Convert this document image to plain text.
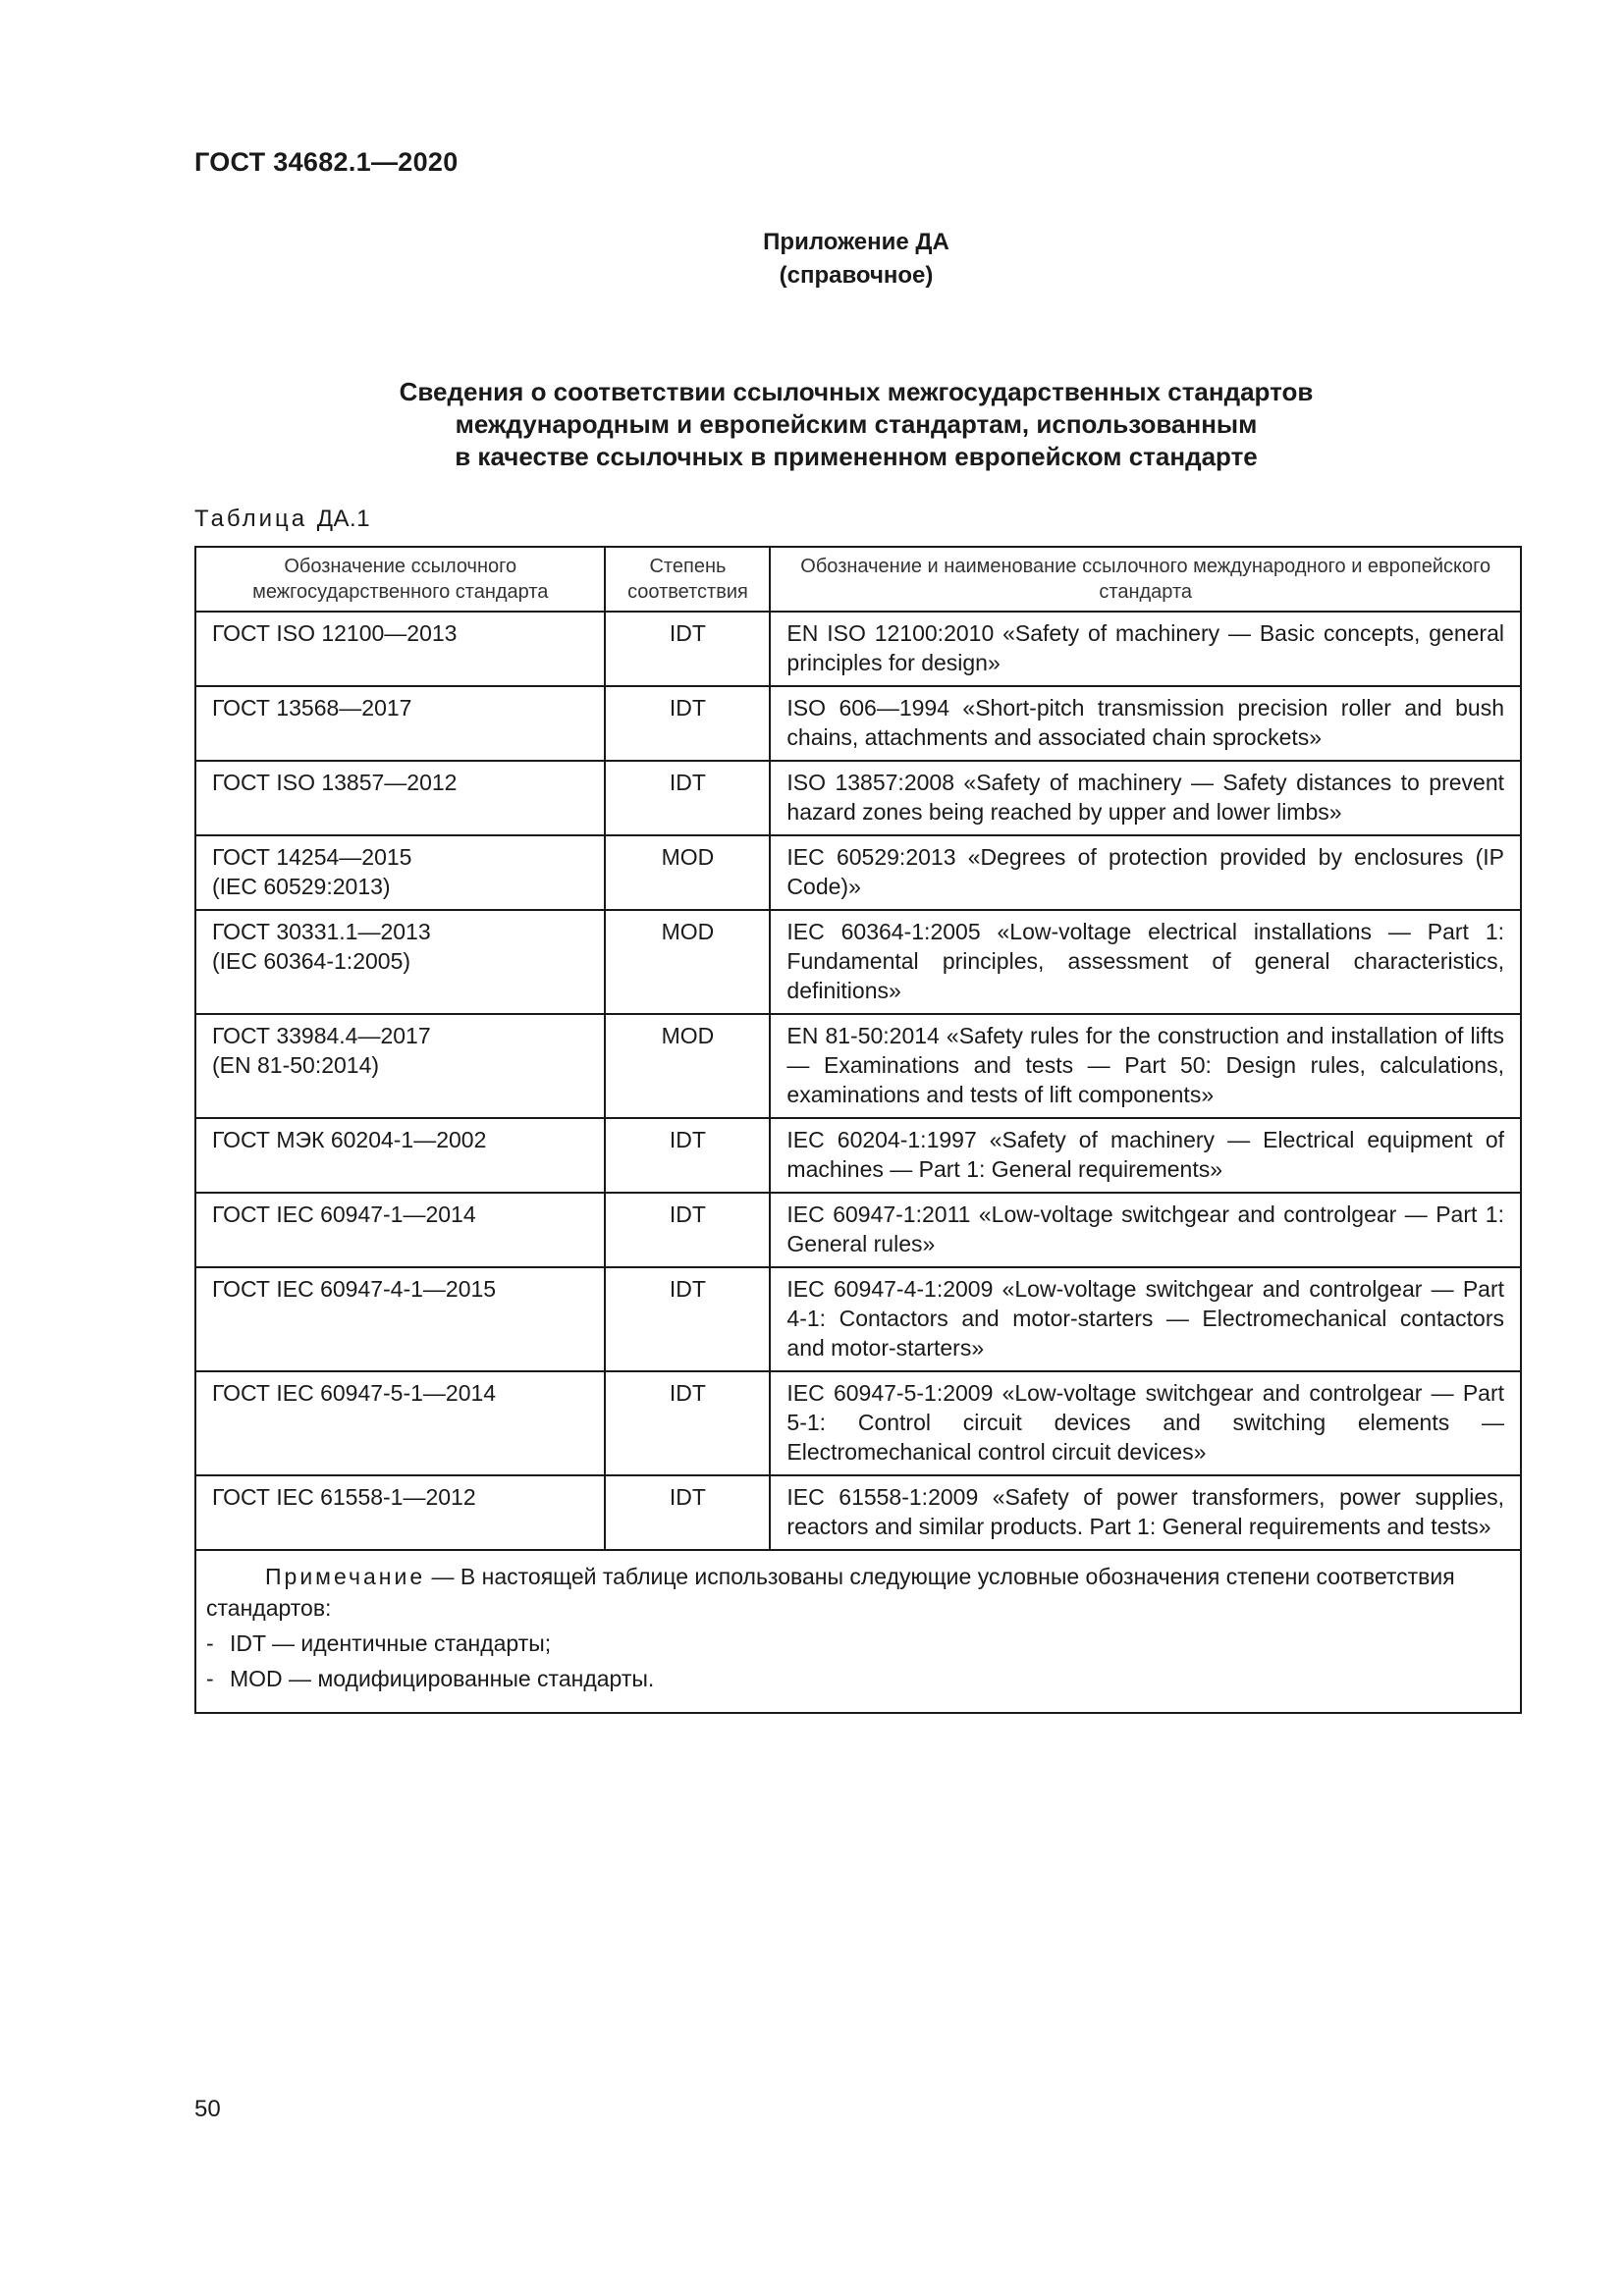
ГОСТ 34682.1—2020
Приложение ДА
(справочное)
Сведения о соответствии ссылочных межгосударственных стандартов
международным и европейским стандартам, использованным
в качестве ссылочных в примененном европейском стандарте
Таблица ДА.1
Обозначение ссылочного межгосударственного стандарта	Степень соответствия	Обозначение и наименование ссылочного международного и европейского стандарта
ГОСТ ISO 12100—2013	IDT	EN ISO 12100:2010 «Safety of machinery — Basic concepts, general principles for design»
ГОСТ 13568—2017	IDT	ISO 606—1994 «Short-pitch transmission precision roller and bush chains, attachments and associated chain sprockets»
ГОСТ ISO 13857—2012	IDT	ISO 13857:2008 «Safety of machinery — Safety distances to prevent hazard zones being reached by upper and lower limbs»

ГОСТ 14254—2015
(IEC 60529:2013)	MOD	IEC 60529:2013 «Degrees of protection provided by enclosures (IP Code)»

ГОСТ 30331.1—2013
(IEC 60364-1:2005)	MOD	IEC 60364-1:2005 «Low-voltage electrical installations — Part 1: Fundamental principles, assessment of general characteristics, definitions»

ГОСТ 33984.4—2017
(EN 81-50:2014)	MOD	EN 81-50:2014 «Safety rules for the construction and installation of lifts — Examinations and tests — Part 50: Design rules, calculations, examinations and tests of lift components»
ГОСТ МЭК 60204-1—2002	IDT	IEC 60204-1:1997 «Safety of machinery — Electrical equipment of machines — Part 1: General requirements»
ГОСТ IEC 60947-1—2014	IDT	IEC 60947-1:2011 «Low-voltage switchgear and controlgear — Part 1: General rules»
ГОСТ IEC 60947-4-1—2015	IDT	IEC 60947-4-1:2009 «Low-voltage switchgear and controlgear — Part 4-1: Contactors and motor-starters — Electromechanical contactors and motor-starters»
ГОСТ IEC 60947-5-1—2014	IDT	IEC 60947-5-1:2009 «Low-voltage switchgear and controlgear — Part 5-1: Control circuit devices and switching elements — Electromechanical control circuit devices»
ГОСТ IEC 61558-1—2012	IDT	IEC 61558-1:2009 «Safety of power transformers, power supplies, reactors and similar products. Part 1: General requirements and tests»

Примечание — В настоящей таблице использованы следующие условные обозначения степени соответствия стандартов:
- IDT — идентичные стандарты;
- MOD — модифицированные стандарты.		
50
